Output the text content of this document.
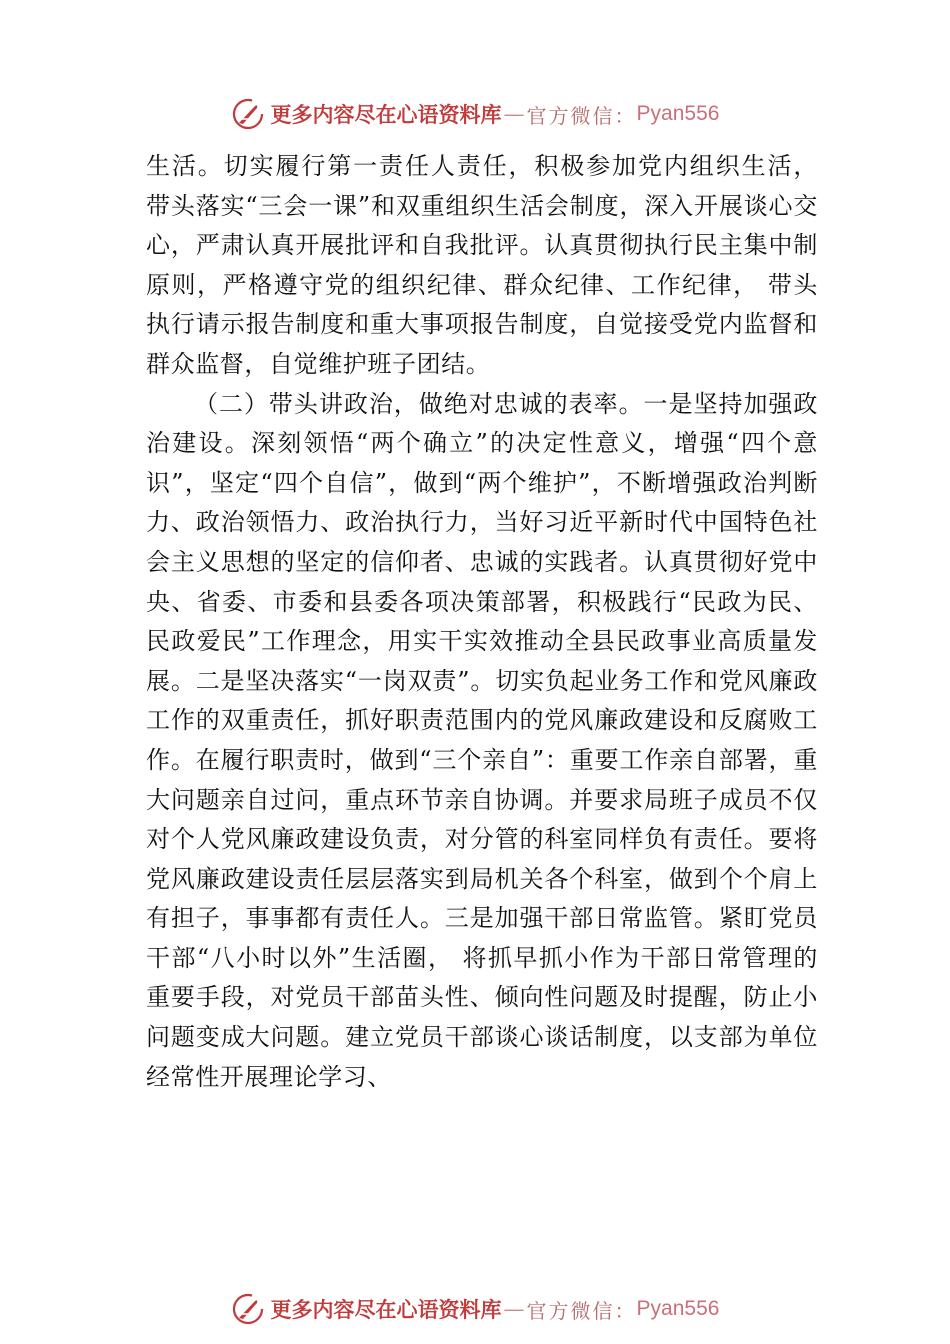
更多内容尽在心语资料库 — 官方微信： Pyan556

生活。切实履行第一责任人责任，积极参加党内组织生活， 带头落实“三会一课”和双重组织生活会制度，深入开展谈心交心，严肃认真开展批评和自我批评。认真贯彻执行民主集中制原则，严格遵守党的组织纪律、群众纪律、工作纪律， 带头执行请示报告制度和重大事项报告制度，自觉接受党内监督和群众监督，自觉维护班子团结。

（二）带头讲政治，做绝对忠诚的表率。一是坚持加强政治建设。深刻领悟“两个确立”的决定性意义，增强“四个意识”，坚定“四个自信”，做到“两个维护”，不断增强政治判断力、政治领悟力、政治执行力，当好习近平新时代中国特色社会主义思想的坚定的信仰者、忠诚的实践者。认真贯彻好党中央、省委、市委和县委各项决策部署，积极践行“民政为民、民政爱民”工作理念，用实干实效推动全县民政事业高质量发展。二是坚决落实“一岗双责”。切实负起业务工作和党风廉政工作的双重责任，抓好职责范围内的党风廉政建设和反腐败工作。在履行职责时，做到“三个亲自”：重要工作亲自部署，重大问题亲自过问，重点环节亲自协调。并要求局班子成员不仅对个人党风廉政建设负责，对分管的科室同样负有责任。要将党风廉政建设责任层层落实到局机关各个科室，做到个个肩上有担子，事事都有责任人。三是加强干部日常监管。紧盯党员干部“八小时以外”生活圈， 将抓早抓小作为干部日常管理的重要手段，对党员干部苗头性、倾向性问题及时提醒，防止小问题变成大问题。建立党员干部谈心谈话制度，以支部为单位经常性开展理论学习、

更多内容尽在心语资料库 — 官方微信： Pyan556
